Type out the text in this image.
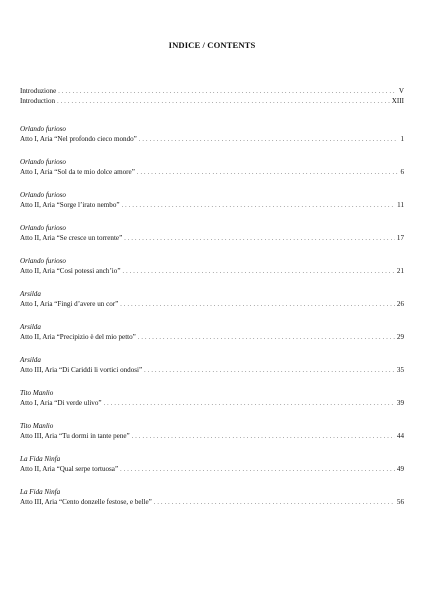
INDICE / CONTENTS
Introduzione . . .	V
Introduction . . .	XIII
Orlando furioso
Atto I, Aria “Nel profondo cieco mondo” . . .	1
Orlando furioso
Atto I, Aria “Sol da te mio dolce amore” . . .	6
Orlando furioso
Atto II, Aria “Sorge l’irato nembo” . . .	11
Orlando furioso
Atto II, Aria “Se cresce un torrente” . . .	17
Orlando furioso
Atto II, Aria “Così potessi anch’io” . . .	21
Arsilda
Atto I, Aria “Fingi d’avere un cor” . . .	26
Arsilda
Atto II, Aria “Precipizio è del mio petto” . . .	29
Arsilda
Atto III, Aria “Di Cariddi li vortici ondosi” . . .	35
Tito Manlio
Atto I, Aria “Di verde ulivo” . . .	39
Tito Manlio
Atto III, Aria “Tu dormi in tante pene” . . .	44
La Fida Ninfa
Atto II, Aria “Qual serpe tortuosa” . . .	49
La Fida Ninfa
Atto III, Aria “Cento donzelle festose, e belle” . . .	56
